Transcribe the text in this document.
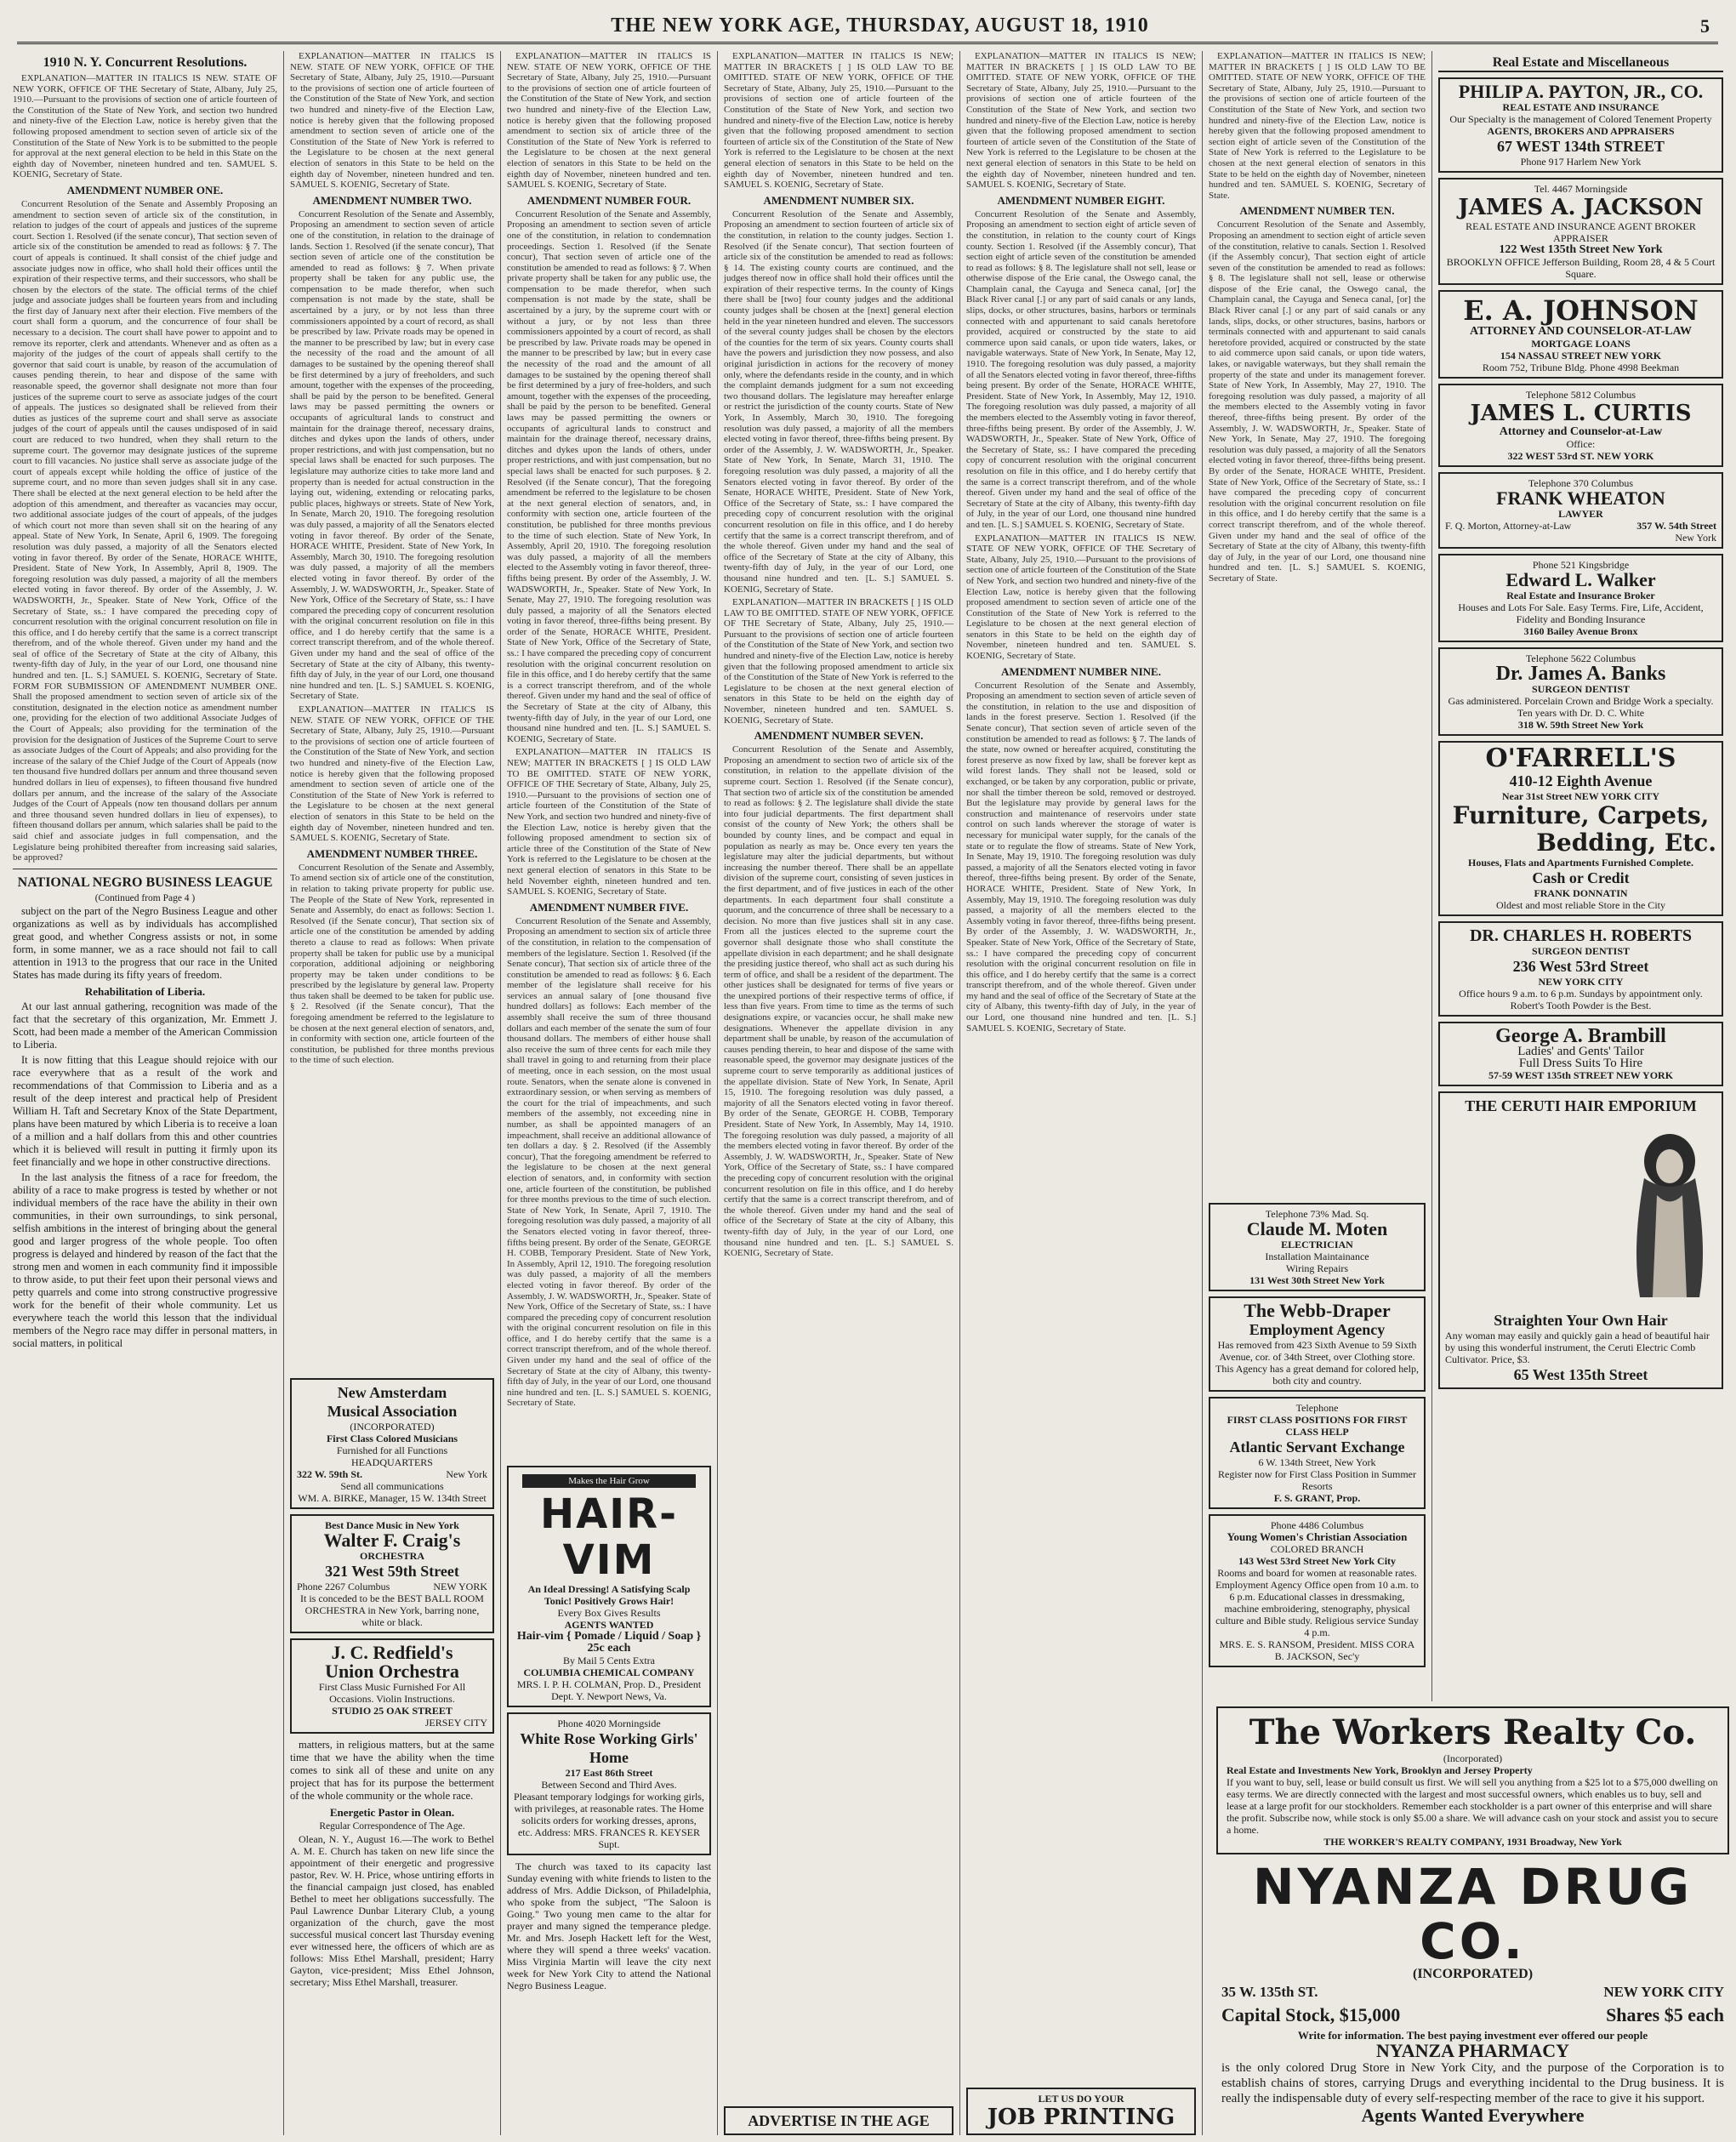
THE NEW YORK AGE, THURSDAY, AUGUST 18, 1910	5
1910 N. Y. Concurrent Resolutions.
EXPLANATION—MATTER IN ITALICS IS NEW. STATE OF NEW YORK, OFFICE OF THE Secretary of State, Albany, July 25, 1910.—Pursuant to the provisions of section one of article fourteen of the Constitution of the State of New York, and section two hundred and ninety-five of the Election Law, notice is hereby given that the following proposed amendment to section seven of article six of the Constitution of the State of New York is to be submitted to the people for approval at the next general election to be held in this State on the eighth day of November, nineteen hundred and ten. SAMUEL S. KOENIG, Secretary of State.
AMENDMENT NUMBER ONE.
Concurrent Resolution of the Senate and Assembly Proposing an amendment to section seven of article six of the constitution, in relation to judges of the court of appeals and justices of the supreme court. Section 1. Resolved (if the senate concur), That section seven of article six of the constitution be amended to read as follows: § 7. The court of appeals is continued. It shall consist of the chief judge and associate judges now in office, who shall hold their offices until the expiration of their respective terms, and their successors, who shall be chosen by the electors of the state. The official terms of the chief judge and associate judges shall be fourteen years from and including the first day of January next after their election. Five members of the court shall form a quorum, and the concurrence of four shall be necessary to a decision. The court shall have power to appoint and to remove its reporter, clerk and attendants. Whenever and as often as a majority of the judges of the court of appeals shall certify to the governor that said court is unable, by reason of the accumulation of causes pending therein, to hear and dispose of the same with reasonable speed, the governor shall designate not more than four justices of the supreme court to serve as associate judges of the court of appeals. The justices so designated shall be relieved from their duties as justices of the supreme court and shall serve as associate judges of the court of appeals until the causes undisposed of in said court are reduced to two hundred, when they shall return to the supreme court. The governor may designate justices of the supreme court to fill vacancies. No justice shall serve as associate judge of the court of appeals except while holding the office of justice of the supreme court, and no more than seven judges shall sit in any case. There shall be elected at the next general election to be held after the adoption of this amendment, and thereafter as vacancies may occur, two additional associate judges of the court of appeals, of the judges of which court not more than seven shall sit on the hearing of any appeal. State of New York, In Senate, April 6, 1909. The foregoing resolution was duly passed, a majority of all the Senators elected voting in favor thereof. By order of the Senate, HORACE WHITE, President. State of New York, In Assembly, April 8, 1909. The foregoing resolution was duly passed, a majority of all the members elected voting in favor thereof. By order of the Assembly, J. W. WADSWORTH, Jr., Speaker. State of New York, Office of the Secretary of State, ss.: I have compared the preceding copy of concurrent resolution with the original concurrent resolution on file in this office, and I do hereby certify that the same is a correct transcript therefrom, and of the whole thereof. Given under my hand and the seal of office of the Secretary of State at the city of Albany, this twenty-fifth day of July, in the year of our Lord, one thousand nine hundred and ten. [L. S.] SAMUEL S. KOENIG, Secretary of State. FORM FOR SUBMISSION OF AMENDMENT NUMBER ONE. Shall the proposed amendment to section seven of article six of the constitution, designated in the election notice as amendment number one, providing for the election of two additional Associate Judges of the Court of Appeals; also providing for the termination of the provision for the designation of Justices of the Supreme Court to serve as associate Judges of the Court of Appeals; and also providing for the increase of the salary of the Chief Judge of the Court of Appeals (now ten thousand five hundred dollars per annum and three thousand seven hundred dollars in lieu of expenses), to fifteen thousand five hundred dollars per annum, and the increase of the salary of the Associate Judges of the Court of Appeals (now ten thousand dollars per annum and three thousand seven hundred dollars in lieu of expenses), to fifteen thousand dollars per annum, which salaries shall be paid to the said chief and associate judges in full compensation, and the Legislature being prohibited thereafter from increasing said salaries, be approved?
NATIONAL NEGRO BUSINESS LEAGUE
(Continued from Page 4 )
subject on the part of the Negro Business League and other organizations as well as by individuals has accomplished great good, and whether Congress assists or not, in some form, in some manner, we as a race should not fail to call attention in 1913 to the progress that our race in the United States has made during its fifty years of freedom.
Rehabilitation of Liberia.
At our last annual gathering, recognition was made of the fact that the secretary of this organization, Mr. Emmett J. Scott, had been made a member of the American Commission to Liberia.
It is now fitting that this League should rejoice with our race everywhere that as a result of the work and recommendations of that Commission to Liberia and as a result of the deep interest and practical help of President William H. Taft and Secretary Knox of the State Department, plans have been matured by which Liberia is to receive a loan of a million and a half dollars from this and other countries which it is believed will result in putting it firmly upon its feet financially and we hope in other constructive directions.
In the last analysis the fitness of a race for freedom, the ability of a race to make progress is tested by whether or not individual members of the race have the ability in their own communities, in their own surroundings, to sink personal, selfish ambitions in the interest of bringing about the general good and larger progress of the whole people. Too often progress is delayed and hindered by reason of the fact that the strong men and women in each community find it impossible to throw aside, to put their feet upon their personal views and petty quarrels and come into strong constructive progressive work for the benefit of their whole community. Let us everywhere teach the world this lesson that the individual members of the Negro race may differ in personal matters, in social matters, in political
EXPLANATION—MATTER IN ITALICS IS NEW. STATE OF NEW YORK, OFFICE OF THE Secretary of State, Albany, July 25, 1910.—Pursuant to the provisions of section one of article fourteen of the Constitution of the State of New York, and section two hundred and ninety-five of the Election Law, notice is hereby given that the following proposed amendment to section seven of article one of the Constitution of the State of New York is referred to the Legislature to be chosen at the next general election of senators in this State to be held on the eighth day of November, nineteen hundred and ten. SAMUEL S. KOENIG, Secretary of State.
AMENDMENT NUMBER TWO.
Concurrent Resolution of the Senate and Assembly, Proposing an amendment to section seven of article one of the constitution, in relation to the drainage of lands. Section 1. Resolved (if the senate concur), That section seven of article one of the constitution be amended to read as follows: § 7. When private property shall be taken for any public use, the compensation to be made therefor, when such compensation is not made by the state, shall be ascertained by a jury, or by not less than three commissioners appointed by a court of record, as shall be prescribed by law. Private roads may be opened in the manner to be prescribed by law; but in every case the necessity of the road and the amount of all damages to be sustained by the opening thereof shall be first determined by a jury of freeholders, and such amount, together with the expenses of the proceeding, shall be paid by the person to be benefited. General laws may be passed permitting the owners or occupants of agricultural lands to construct and maintain for the drainage thereof, necessary drains, ditches and dykes upon the lands of others, under proper restrictions, and with just compensation, but no special laws shall be enacted for such purposes. The legislature may authorize cities to take more land and property than is needed for actual construction in the laying out, widening, extending or relocating parks, public places, highways or streets. State of New York, In Senate, March 20, 1910. The foregoing resolution was duly passed, a majority of all the Senators elected voting in favor thereof. By order of the Senate, HORACE WHITE, President. State of New York, In Assembly, March 30, 1910. The foregoing resolution was duly passed, a majority of all the members elected voting in favor thereof. By order of the Assembly, J. W. WADSWORTH, Jr., Speaker. State of New York, Office of the Secretary of State, ss.: I have compared the preceding copy of concurrent resolution with the original concurrent resolution on file in this office, and I do hereby certify that the same is a correct transcript therefrom, and of the whole thereof. Given under my hand and the seal of office of the Secretary of State at the city of Albany, this twenty-fifth day of July, in the year of our Lord, one thousand nine hundred and ten. [L. S.] SAMUEL S. KOENIG, Secretary of State.
EXPLANATION—MATTER IN ITALICS IS NEW. STATE OF NEW YORK, OFFICE OF THE Secretary of State, Albany, July 25, 1910.—Pursuant to the provisions of section one of article fourteen of the Constitution of the State of New York, and section two hundred and ninety-five of the Election Law, notice is hereby given that the following proposed amendment to section seven of article one of the Constitution of the State of New York is referred to the Legislature to be chosen at the next general election of senators in this State to be held on the eighth day of November, nineteen hundred and ten. SAMUEL S. KOENIG, Secretary of State.
AMENDMENT NUMBER THREE.
Concurrent Resolution of the Senate and Assembly, To amend section six of article one of the constitution, in relation to taking private property for public use. The People of the State of New York, represented in Senate and Assembly, do enact as follows: Section 1. Resolved (if the Senate concur), That section six of article one of the constitution be amended by adding thereto a clause to read as follows: When private property shall be taken for public use by a municipal corporation, additional adjoining or neighboring property may be taken under conditions to be prescribed by the legislature by general law. Property thus taken shall be deemed to be taken for public use. § 2. Resolved (if the Senate concur), That the foregoing amendment be referred to the legislature to be chosen at the next general election of senators, and, in conformity with section one, article fourteen of the constitution, be published for three months previous to the time of such election.
New Amsterdam
Musical Association
(INCORPORATED)
First Class Colored Musicians
Furnished for all Functions
HEADQUARTERS
322 W. 59th St.	New York
Send all communications
WM. A. BIRKE, Manager, 15 W. 134th Street
Best Dance Music in New York
Walter F. Craig's
ORCHESTRA
321 West 59th Street
Phone 2267 Columbus	NEW YORK
It is conceded to be the BEST BALL ROOM ORCHESTRA in New York, barring none, white or black.
J. C. Redfield's
Union Orchestra
First Class Music Furnished For All Occasions. Violin Instructions.
STUDIO 25 OAK STREET
JERSEY CITY
matters, in religious matters, but at the same time that we have the ability when the time comes to sink all of these and unite on any project that has for its purpose the betterment of the whole community or the whole race.
Energetic Pastor in Olean.
Regular Correspondence of The Age.
Olean, N. Y., August 16.—The work to Bethel A. M. E. Church has taken on new life since the appointment of their energetic and progressive pastor, Rev. W. H. Price, whose untiring efforts in the financial campaign just closed, has enabled Bethel to meet her obligations successfully. The Paul Lawrence Dunbar Literary Club, a young organization of the church, gave the most successful musical concert last Thursday evening ever witnessed here, the officers of which are as follows: Miss Ethel Marshall, president; Harry Gayton, vice-president; Miss Ethel Johnson, secretary; Miss Ethel Marshall, treasurer.
EXPLANATION—MATTER IN ITALICS IS NEW. STATE OF NEW YORK, OFFICE OF THE Secretary of State, Albany, July 25, 1910.—Pursuant to the provisions of section one of article fourteen of the Constitution of the State of New York, and section two hundred and ninety-five of the Election Law, notice is hereby given that the following proposed amendment to section six of article three of the Constitution of the State of New York is referred to the Legislature to be chosen at the next general election of senators in this State to be held on the eighth day of November, nineteen hundred and ten. SAMUEL S. KOENIG, Secretary of State.
AMENDMENT NUMBER FOUR.
Concurrent Resolution of the Senate and Assembly, Proposing an amendment to section seven of article one of the constitution, in relation to condemnation proceedings. Section 1. Resolved (if the Senate concur), That section seven of article one of the constitution be amended to read as follows: § 7. When private property shall be taken for any public use, the compensation to be made therefor, when such compensation is not made by the state, shall be ascertained by a jury, by the supreme court with or without a jury, or by not less than three commissioners appointed by a court of record, as shall be prescribed by law. Private roads may be opened in the manner to be prescribed by law; but in every case the necessity of the road and the amount of all damages to be sustained by the opening thereof shall be first determined by a jury of free-holders, and such amount, together with the expenses of the proceeding, shall be paid by the person to be benefited. General laws may be passed permitting the owners or occupants of agricultural lands to construct and maintain for the drainage thereof, necessary drains, ditches and dykes upon the lands of others, under proper restrictions, and with just compensation, but no special laws shall be enacted for such purposes. § 2. Resolved (if the Senate concur), That the foregoing amendment be referred to the legislature to be chosen at the next general election of senators, and, in conformity with section one, article fourteen of the constitution, be published for three months previous to the time of such election. State of New York, In Assembly, April 20, 1910. The foregoing resolution was duly passed, a majority of all the members elected to the Assembly voting in favor thereof, three-fifths being present. By order of the Assembly, J. W. WADSWORTH, Jr., Speaker. State of New York, In Senate, May 27, 1910. The foregoing resolution was duly passed, a majority of all the Senators elected voting in favor thereof, three-fifths being present. By order of the Senate, HORACE WHITE, President. State of New York, Office of the Secretary of State, ss.: I have compared the preceding copy of concurrent resolution with the original concurrent resolution on file in this office, and I do hereby certify that the same is a correct transcript therefrom, and of the whole thereof. Given under my hand and the seal of office of the Secretary of State at the city of Albany, this twenty-fifth day of July, in the year of our Lord, one thousand nine hundred and ten. [L. S.] SAMUEL S. KOENIG, Secretary of State.
EXPLANATION—MATTER IN ITALICS IS NEW; MATTER IN BRACKETS [ ] IS OLD LAW TO BE OMITTED. STATE OF NEW YORK, OFFICE OF THE Secretary of State, Albany, July 25, 1910.—Pursuant to the provisions of section one of article fourteen of the Constitution of the State of New York, and section two hundred and ninety-five of the Election Law, notice is hereby given that the following proposed amendment to section six of article three of the Constitution of the State of New York is referred to the Legislature to be chosen at the next general election of senators in this State to be held November eighth, nineteen hundred and ten. SAMUEL S. KOENIG, Secretary of State.
AMENDMENT NUMBER FIVE.
Concurrent Resolution of the Senate and Assembly, Proposing an amendment to section six of article three of the constitution, in relation to the compensation of members of the legislature. Section 1. Resolved (if the Senate concur), That section six of article three of the constitution be amended to read as follows: § 6. Each member of the legislature shall receive for his services an annual salary of [one thousand five hundred dollars] as follows: Each member of the assembly shall receive the sum of three thousand dollars and each member of the senate the sum of four thousand dollars. The members of either house shall also receive the sum of three cents for each mile they shall travel in going to and returning from their place of meeting, once in each session, on the most usual route. Senators, when the senate alone is convened in extraordinary session, or when serving as members of the court for the trial of impeachments, and such members of the assembly, not exceeding nine in number, as shall be appointed managers of an impeachment, shall receive an additional allowance of ten dollars a day. § 2. Resolved (if the Assembly concur), That the foregoing amendment be referred to the legislature to be chosen at the next general election of senators, and, in conformity with section one, article fourteen of the constitution, be published for three months previous to the time of such election. State of New York, In Senate, April 7, 1910. The foregoing resolution was duly passed, a majority of all the Senators elected voting in favor thereof, three-fifths being present. By order of the Senate, GEORGE H. COBB, Temporary President. State of New York, In Assembly, April 12, 1910. The foregoing resolution was duly passed, a majority of all the members elected voting in favor thereof. By order of the Assembly, J. W. WADSWORTH, Jr., Speaker. State of New York, Office of the Secretary of State, ss.: I have compared the preceding copy of concurrent resolution with the original concurrent resolution on file in this office, and I do hereby certify that the same is a correct transcript therefrom, and of the whole thereof. Given under my hand and the seal of office of the Secretary of State at the city of Albany, this twenty-fifth day of July, in the year of our Lord, one thousand nine hundred and ten. [L. S.] SAMUEL S. KOENIG, Secretary of State.
Makes the Hair Grow
HAIR-VIM
An Ideal Dressing! A Satisfying Scalp
Tonic! Positively Grows Hair!
Every Box Gives Results
AGENTS WANTED
Hair-vim { Pomade / Liquid / Soap } 25c each
By Mail 5 Cents Extra
COLUMBIA CHEMICAL COMPANY
MRS. I. P. H. COLMAN, Prop. D., President
Dept. Y. Newport News, Va.
Phone 4020 Morningside
White Rose Working Girls' Home
217 East 86th Street
Between Second and Third Aves.
Pleasant temporary lodgings for working girls, with privileges, at reasonable rates. The Home solicits orders for working dresses, aprons, etc. Address: MRS. FRANCES R. KEYSER Supt.
The church was taxed to its capacity last Sunday evening with white friends to listen to the address of Mrs. Addie Dickson, of Philadelphia, who spoke from the subject, "The Saloon is Going." Two young men came to the altar for prayer and many signed the temperance pledge. Mr. and Mrs. Joseph Hackett left for the West, where they will spend a three weeks' vacation. Miss Virginia Martin will leave the city next week for New York City to attend the National Negro Business League.
EXPLANATION—MATTER IN ITALICS IS NEW; MATTER IN BRACKETS [ ] IS OLD LAW TO BE OMITTED. STATE OF NEW YORK, OFFICE OF THE Secretary of State, Albany, July 25, 1910.—Pursuant to the provisions of section one of article fourteen of the Constitution of the State of New York, and section two hundred and ninety-five of the Election Law, notice is hereby given that the following proposed amendment to section fourteen of article six of the Constitution of the State of New York is referred to the Legislature to be chosen at the next general election of senators in this State to be held on the eighth day of November, nineteen hundred and ten. SAMUEL S. KOENIG, Secretary of State.
AMENDMENT NUMBER SIX.
Concurrent Resolution of the Senate and Assembly, Proposing an amendment to section fourteen of article six of the constitution, in relation to the county judges. Section 1. Resolved (if the Senate concur), That section fourteen of article six of the constitution be amended to read as follows: § 14. The existing county courts are continued, and the judges thereof now in office shall hold their offices until the expiration of their respective terms. In the county of Kings there shall be [two] four county judges and the additional county judges shall be chosen at the [next] general election held in the year nineteen hundred and eleven. The successors of the several county judges shall be chosen by the electors of the counties for the term of six years. County courts shall have the powers and jurisdiction they now possess, and also original jurisdiction in actions for the recovery of money only, where the defendants reside in the county, and in which the complaint demands judgment for a sum not exceeding two thousand dollars. The legislature may hereafter enlarge or restrict the jurisdiction of the county courts. State of New York, In Assembly, March 30, 1910. The foregoing resolution was duly passed, a majority of all the members elected voting in favor thereof, three-fifths being present. By order of the Assembly, J. W. WADSWORTH, Jr., Speaker. State of New York, In Senate, March 31, 1910. The foregoing resolution was duly passed, a majority of all the Senators elected voting in favor thereof. By order of the Senate, HORACE WHITE, President. State of New York, Office of the Secretary of State, ss.: I have compared the preceding copy of concurrent resolution with the original concurrent resolution on file in this office, and I do hereby certify that the same is a correct transcript therefrom, and of the whole thereof. Given under my hand and the seal of office of the Secretary of State at the city of Albany, this twenty-fifth day of July, in the year of our Lord, one thousand nine hundred and ten. [L. S.] SAMUEL S. KOENIG, Secretary of State.
EXPLANATION—MATTER IN BRACKETS [ ] IS OLD LAW TO BE OMITTED. STATE OF NEW YORK, OFFICE OF THE Secretary of State, Albany, July 25, 1910.—Pursuant to the provisions of section one of article fourteen of the Constitution of the State of New York, and section two hundred and ninety-five of the Election Law, notice is hereby given that the following proposed amendment to article six of the Constitution of the State of New York is referred to the Legislature to be chosen at the next general election of senators in this State to be held on the eighth day of November, nineteen hundred and ten. SAMUEL S. KOENIG, Secretary of State.
AMENDMENT NUMBER SEVEN.
Concurrent Resolution of the Senate and Assembly, Proposing an amendment to section two of article six of the constitution, in relation to the appellate division of the supreme court. Section 1. Resolved (if the Senate concur), That section two of article six of the constitution be amended to read as follows: § 2. The legislature shall divide the state into four judicial departments. The first department shall consist of the county of New York; the others shall be bounded by county lines, and be compact and equal in population as nearly as may be. Once every ten years the legislature may alter the judicial departments, but without increasing the number thereof. There shall be an appellate division of the supreme court, consisting of seven justices in the first department, and of five justices in each of the other departments. In each department four shall constitute a quorum, and the concurrence of three shall be necessary to a decision. No more than five justices shall sit in any case. From all the justices elected to the supreme court the governor shall designate those who shall constitute the appellate division in each department; and he shall designate the presiding justice thereof, who shall act as such during his term of office, and shall be a resident of the department. The other justices shall be designated for terms of five years or the unexpired portions of their respective terms of office, if less than five years. From time to time as the terms of such designations expire, or vacancies occur, he shall make new designations. Whenever the appellate division in any department shall be unable, by reason of the accumulation of causes pending therein, to hear and dispose of the same with reasonable speed, the governor may designate justices of the supreme court to serve temporarily as additional justices of the appellate division. State of New York, In Senate, April 15, 1910. The foregoing resolution was duly passed, a majority of all the Senators elected voting in favor thereof. By order of the Senate, GEORGE H. COBB, Temporary President. State of New York, In Assembly, May 14, 1910. The foregoing resolution was duly passed, a majority of all the members elected voting in favor thereof. By order of the Assembly, J. W. WADSWORTH, Jr., Speaker. State of New York, Office of the Secretary of State, ss.: I have compared the preceding copy of concurrent resolution with the original concurrent resolution on file in this office, and I do hereby certify that the same is a correct transcript therefrom, and of the whole thereof. Given under my hand and the seal of office of the Secretary of State at the city of Albany, this twenty-fifth day of July, in the year of our Lord, one thousand nine hundred and ten. [L. S.] SAMUEL S. KOENIG, Secretary of State.
ADVERTISE IN THE AGE
EXPLANATION—MATTER IN ITALICS IS NEW; MATTER IN BRACKETS [ ] IS OLD LAW TO BE OMITTED. STATE OF NEW YORK, OFFICE OF THE Secretary of State, Albany, July 25, 1910.—Pursuant to the provisions of section one of article fourteen of the Constitution of the State of New York, and section two hundred and ninety-five of the Election Law, notice is hereby given that the following proposed amendment to section fourteen of article seven of the Constitution of the State of New York is referred to the Legislature to be chosen at the next general election of senators in this State to be held on the eighth day of November, nineteen hundred and ten. SAMUEL S. KOENIG, Secretary of State.
AMENDMENT NUMBER EIGHT.
Concurrent Resolution of the Senate and Assembly, Proposing an amendment to section eight of article seven of the constitution, in relation to the county court of Kings county. Section 1. Resolved (if the Assembly concur), That section eight of article seven of the constitution be amended to read as follows: § 8. The legislature shall not sell, lease or otherwise dispose of the Erie canal, the Oswego canal, the Champlain canal, the Cayuga and Seneca canal, [or] the Black River canal [.] or any part of said canals or any lands, slips, docks, or other structures, basins, harbors or terminals connected with and appurtenant to said canals heretofore provided, acquired or constructed by the state to aid commerce upon said canals, or upon tide waters, lakes, or navigable waterways. State of New York, In Senate, May 12, 1910. The foregoing resolution was duly passed, a majority of all the Senators elected voting in favor thereof, three-fifths being present. By order of the Senate, HORACE WHITE, President. State of New York, In Assembly, May 12, 1910. The foregoing resolution was duly passed, a majority of all the members elected to the Assembly voting in favor thereof, three-fifths being present. By order of the Assembly, J. W. WADSWORTH, Jr., Speaker. State of New York, Office of the Secretary of State, ss.: I have compared the preceding copy of concurrent resolution with the original concurrent resolution on file in this office, and I do hereby certify that the same is a correct transcript therefrom, and of the whole thereof. Given under my hand and the seal of office of the Secretary of State at the city of Albany, this twenty-fifth day of July, in the year of our Lord, one thousand nine hundred and ten. [L. S.] SAMUEL S. KOENIG, Secretary of State.
EXPLANATION—MATTER IN ITALICS IS NEW. STATE OF NEW YORK, OFFICE OF THE Secretary of State, Albany, July 25, 1910.—Pursuant to the provisions of section one of article fourteen of the Constitution of the State of New York, and section two hundred and ninety-five of the Election Law, notice is hereby given that the following proposed amendment to section seven of article one of the Constitution of the State of New York is referred to the Legislature to be chosen at the next general election of senators in this State to be held on the eighth day of November, nineteen hundred and ten. SAMUEL S. KOENIG, Secretary of State.
AMENDMENT NUMBER NINE.
Concurrent Resolution of the Senate and Assembly, Proposing an amendment to section seven of article seven of the constitution, in relation to the use and disposition of lands in the forest preserve. Section 1. Resolved (if the Senate concur), That section seven of article seven of the constitution be amended to read as follows: § 7. The lands of the state, now owned or hereafter acquired, constituting the forest preserve as now fixed by law, shall be forever kept as wild forest lands. They shall not be leased, sold or exchanged, or be taken by any corporation, public or private, nor shall the timber thereon be sold, removed or destroyed. But the legislature may provide by general laws for the construction and maintenance of reservoirs under state control on such lands wherever the storage of water is necessary for municipal water supply, for the canals of the state or to regulate the flow of streams. State of New York, In Senate, May 19, 1910. The foregoing resolution was duly passed, a majority of all the Senators elected voting in favor thereof, three-fifths being present. By order of the Senate, HORACE WHITE, President. State of New York, In Assembly, May 19, 1910. The foregoing resolution was duly passed, a majority of all the members elected to the Assembly voting in favor thereof, three-fifths being present. By order of the Assembly, J. W. WADSWORTH, Jr., Speaker. State of New York, Office of the Secretary of State, ss.: I have compared the preceding copy of concurrent resolution with the original concurrent resolution on file in this office, and I do hereby certify that the same is a correct transcript therefrom, and of the whole thereof. Given under my hand and the seal of office of the Secretary of State at the city of Albany, this twenty-fifth day of July, in the year of our Lord, one thousand nine hundred and ten. [L. S.] SAMUEL S. KOENIG, Secretary of State.
LET US DO YOUR
JOB PRINTING
EXPLANATION—MATTER IN ITALICS IS NEW; MATTER IN BRACKETS [ ] IS OLD LAW TO BE OMITTED. STATE OF NEW YORK, OFFICE OF THE Secretary of State, Albany, July 25, 1910.—Pursuant to the provisions of section one of article fourteen of the Constitution of the State of New York, and section two hundred and ninety-five of the Election Law, notice is hereby given that the following proposed amendment to section eight of article seven of the Constitution of the State of New York is referred to the Legislature to be chosen at the next general election of senators in this State to be held on the eighth day of November, nineteen hundred and ten. SAMUEL S. KOENIG, Secretary of State.
AMENDMENT NUMBER TEN.
Concurrent Resolution of the Senate and Assembly, Proposing an amendment to section eight of article seven of the constitution, relative to canals. Section 1. Resolved (if the Assembly concur), That section eight of article seven of the constitution be amended to read as follows: § 8. The legislature shall not sell, lease or otherwise dispose of the Erie canal, the Oswego canal, the Champlain canal, the Cayuga and Seneca canal, [or] the Black River canal [.] or any part of said canals or any lands, slips, docks, or other structures, basins, harbors or terminals connected with and appurtenant to said canals heretofore provided, acquired or constructed by the state to aid commerce upon said canals, or upon tide waters, lakes, or navigable waterways, but they shall remain the property of the state and under its management forever. State of New York, In Assembly, May 27, 1910. The foregoing resolution was duly passed, a majority of all the members elected to the Assembly voting in favor thereof, three-fifths being present. By order of the Assembly, J. W. WADSWORTH, Jr., Speaker. State of New York, In Senate, May 27, 1910. The foregoing resolution was duly passed, a majority of all the Senators elected voting in favor thereof, three-fifths being present. By order of the Senate, HORACE WHITE, President. State of New York, Office of the Secretary of State, ss.: I have compared the preceding copy of concurrent resolution with the original concurrent resolution on file in this office, and I do hereby certify that the same is a correct transcript therefrom, and of the whole thereof. Given under my hand and the seal of office of the Secretary of State at the city of Albany, this twenty-fifth day of July, in the year of our Lord, one thousand nine hundred and ten. [L. S.] SAMUEL S. KOENIG, Secretary of State.
Telephone 73% Mad. Sq.
Claude M. Moten
ELECTRICIAN
Installation Maintainance
Wiring Repairs
131 West 30th Street New York
The Webb-Draper
Employment Agency
Has removed from 423 Sixth Avenue to 59 Sixth Avenue, cor. of 34th Street, over Clothing store. This Agency has a great demand for colored help, both city and country.
Telephone
FIRST CLASS POSITIONS FOR FIRST CLASS HELP
Atlantic Servant Exchange
6 W. 134th Street, New York
Register now for First Class Position in Summer Resorts
F. S. GRANT, Prop.
Phone 4486 Columbus
Young Women's Christian Association
COLORED BRANCH
143 West 53rd Street New York City
Rooms and board for women at reasonable rates. Employment Agency Office open from 10 a.m. to 6 p.m. Educational classes in dressmaking, machine embroidering, stenography, physical culture and Bible study. Religious service Sunday 4 p.m.
MRS. E. S. RANSOM, President. MISS CORA B. JACKSON, Sec'y
Real Estate and Miscellaneous
PHILIP A. PAYTON, JR., CO.
REAL ESTATE AND INSURANCE
Our Specialty is the management of Colored Tenement Property
AGENTS, BROKERS AND APPRAISERS
67 WEST 134th STREET
Phone 917 Harlem New York
Tel. 4467 Morningside
JAMES A. JACKSON
REAL ESTATE AND INSURANCE AGENT BROKER APPRAISER
122 West 135th Street New York
BROOKLYN OFFICE Jefferson Building, Room 28, 4 & 5 Court Square.
E. A. JOHNSON
ATTORNEY AND COUNSELOR-AT-LAW
MORTGAGE LOANS
154 NASSAU STREET NEW YORK
Room 752, Tribune Bldg. Phone 4998 Beekman
Telephone 5812 Columbus
JAMES L. CURTIS
Attorney and Counselor-at-Law
Office:
322 WEST 53rd ST. NEW YORK
Telephone 370 Columbus
FRANK WHEATON
LAWYER
F. Q. Morton, Attorney-at-Law	357 W. 54th Street
New York
Phone 521 Kingsbridge
Edward L. Walker
Real Estate and Insurance Broker
Houses and Lots For Sale. Easy Terms. Fire, Life, Accident, Fidelity and Bonding Insurance
3160 Bailey Avenue Bronx
Telephone 5622 Columbus
Dr. James A. Banks
SURGEON DENTIST
Gas administered. Porcelain Crown and Bridge Work a specialty. Ten years with Dr. D. C. White
318 W. 59th Street New York
O'FARRELL'S
410-12 Eighth Avenue
Near 31st Street NEW YORK CITY
Furniture, Carpets,
Bedding, Etc.
Houses, Flats and Apartments Furnished Complete.
Cash or Credit
FRANK DONNATIN
Oldest and most reliable Store in the City
DR. CHARLES H. ROBERTS
SURGEON DENTIST
236 West 53rd Street
NEW YORK CITY
Office hours 9 a.m. to 6 p.m. Sundays by appointment only. Robert's Tooth Powder is the Best.
George A. Brambill
Ladies' and Gents' Tailor
Full Dress Suits To Hire
57-59 WEST 135th STREET NEW YORK
THE CERUTI HAIR EMPORIUM
Straighten Your Own Hair
Any woman may easily and quickly gain a head of beautiful hair by using this wonderful instrument, the Ceruti Electric Comb Cultivator. Price, $3.
65 West 135th Street
The Workers Realty Co.
(Incorporated)
Real Estate and Investments New York, Brooklyn and Jersey Property
If you want to buy, sell, lease or build consult us first. We will sell you anything from a $25 lot to a $75,000 dwelling on easy terms. We are directly connected with the largest and most successful owners, which enables us to buy, sell and lease at a large profit for our stockholders. Remember each stockholder is a part owner of this enterprise and will share the profit. Subscribe now, while stock is only $5.00 a share. We will advance cash on your stock and assist you to secure a home.
THE WORKER'S REALTY COMPANY, 1931 Broadway, New York
NYANZA DRUG CO.
(INCORPORATED)
35 W. 135th ST.	NEW YORK CITY
Capital Stock, $15,000	Shares $5 each
Write for information. The best paying investment ever offered our people
NYANZA PHARMACY
is the only colored Drug Store in New York City, and the purpose of the Corporation is to establish chains of stores, carrying Drugs and everything incidental to the Drug business. It is really the indispensable duty of every self-respecting member of the race to give it his support.
Agents Wanted Everywhere
